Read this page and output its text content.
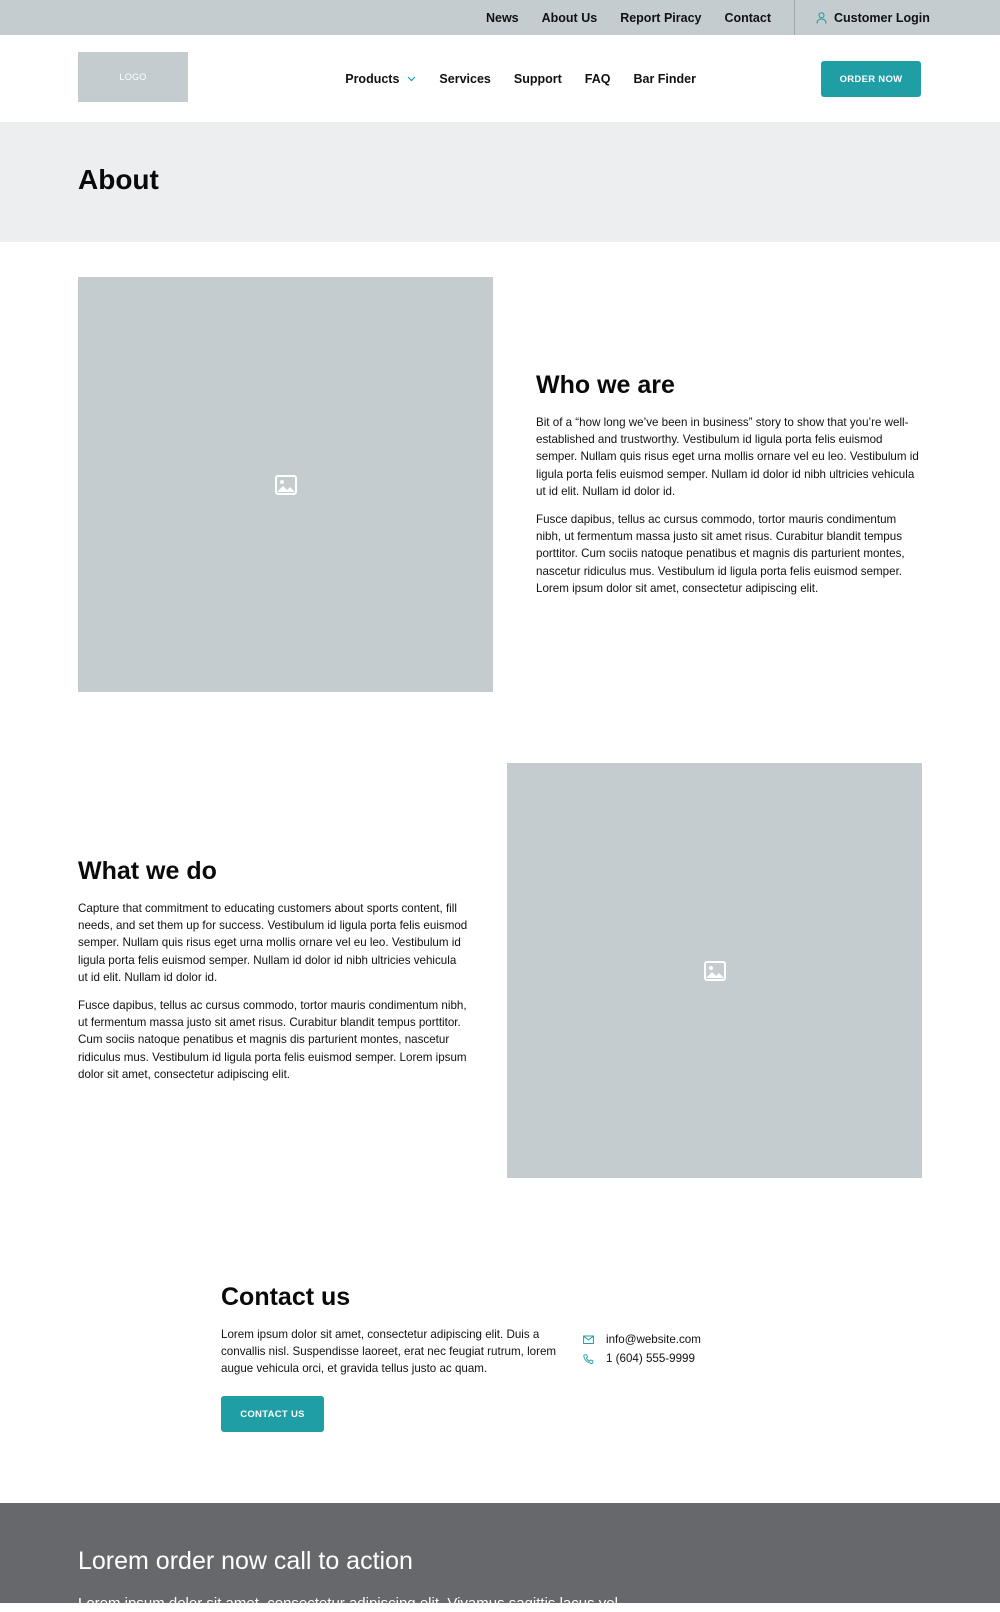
News About Us Report Piracy Contact	Customer Login
LOGO	Products	Services Support FAQ Bar Finder	ORDER NOW
About
Who we are

Bit of a “how long we’ve been in business” story to show that you’re well-established and trustworthy. Vestibulum id ligula porta felis euismod semper. Nullam quis risus eget urna mollis ornare vel eu leo. Vestibulum id ligula porta felis euismod semper. Nullam id dolor id nibh ultricies vehicula ut id elit. Nullam id dolor id.

Fusce dapibus, tellus ac cursus commodo, tortor mauris condimentum nibh, ut fermentum massa justo sit amet risus. Curabitur blandit tempus porttitor. Cum sociis natoque penatibus et magnis dis parturient montes, nascetur ridiculus mus. Vestibulum id ligula porta felis euismod semper. Lorem ipsum dolor sit amet, consectetur adipiscing elit.

What we do

Capture that commitment to educating customers about sports content, fill needs, and set them up for success. Vestibulum id ligula porta felis euismod semper. Nullam quis risus eget urna mollis ornare vel eu leo. Vestibulum id ligula porta felis euismod semper. Nullam id dolor id nibh ultricies vehicula ut id elit. Nullam id dolor id.

Fusce dapibus, tellus ac cursus commodo, tortor mauris condimentum nibh, ut fermentum massa justo sit amet risus. Curabitur blandit tempus porttitor. Cum sociis natoque penatibus et magnis dis parturient montes, nascetur ridiculus mus. Vestibulum id ligula porta felis euismod semper. Lorem ipsum dolor sit amet, consectetur adipiscing elit.

Contact us

Lorem ipsum dolor sit amet, consectetur adipiscing elit. Duis a convallis nisl. Suspendisse laoreet, erat nec feugiat rutrum, lorem augue vehicula orci, et gravida tellus justo ac quam.

CONTACT US
info@website.com
1 (604) 555-9999
Lorem order now call to action

Lorem ipsum dolor sit amet, consectetur adipiscing elit. Vivamus sagittis lacus vel
